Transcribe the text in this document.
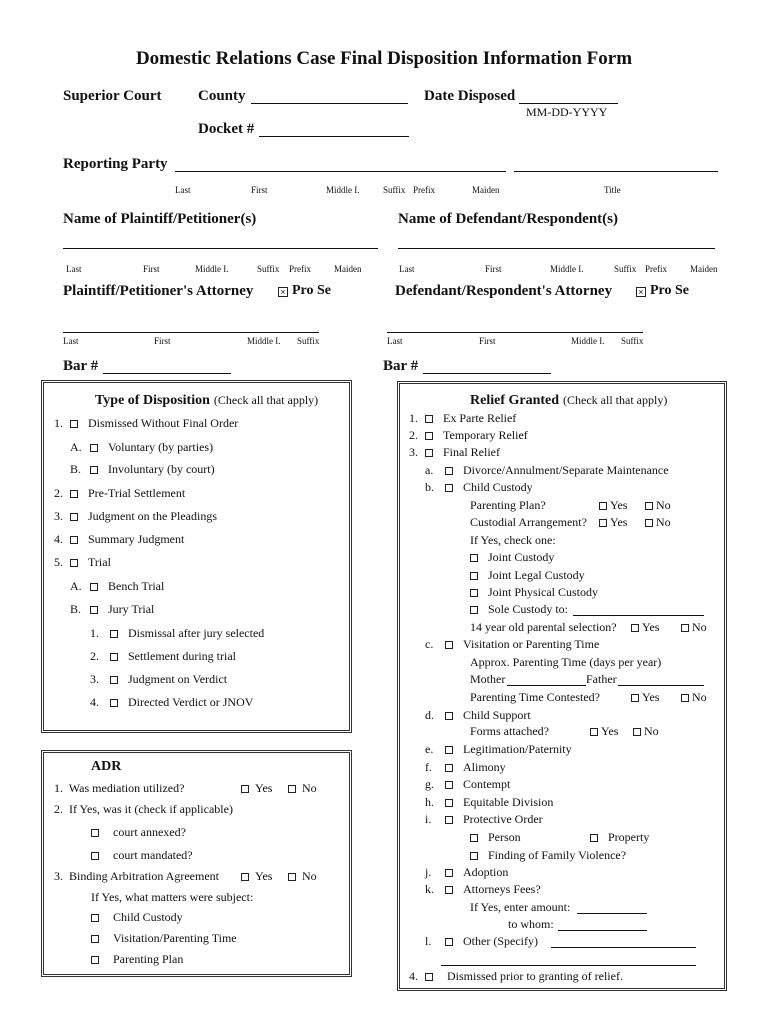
Domestic Relations Case Final Disposition Information Form
Superior Court County	Date Disposed
MM-DD-YYYY
Docket #
Reporting Party
Last	First	Middle I.	Suffix Prefix	Maiden	Title
Name of Plaintiff/Petitioner(s)	Name of Defendant/Respondent(s)
Last	First	Middle I.	Suffix Prefix	Maiden	Last	First	Middle I.	Suffix Prefix	Maiden
Plaintiff/Petitioner's Attorney	× Pro Se	Defendant/Respondent's Attorney	× Pro Se
Last	First	Middle I. Suffix	Last	First	Middle I. Suffix
Bar #	Bar #
Type of Disposition (Check all that apply)
1. Dismissed Without Final Order
A. Voluntary (by parties)
B. Involuntary (by court)
2. Pre-Trial Settlement
3. Judgment on the Pleadings
4. Summary Judgment
5. Trial
A. Bench Trial
B. Jury Trial
1. Dismissal after jury selected
2. Settlement during trial
3. Judgment on Verdict
4. Directed Verdict or JNOV
ADR
1. Was mediation utilized?	Yes	No
2. If Yes, was it (check if applicable)
court annexed?
court mandated?
3. Binding Arbitration Agreement	Yes	No
If Yes, what matters were subject:
Child Custody
Visitation/Parenting Time
Parenting Plan
Relief Granted (Check all that apply)
1. Ex Parte Relief
2. Temporary Relief
3. Final Relief
a. Divorce/Annulment/Separate Maintenance
b. Child Custody
Parenting Plan?	Yes	No
Custodial Arrangement?	Yes	No
If Yes, check one:
Joint Custody
Joint Legal Custody
Joint Physical Custody
Sole Custody to:
14 year old parental selection?	Yes	No
c. Visitation or Parenting Time
Approx. Parenting Time (days per year)
Mother	Father
Parenting Time Contested?	Yes	No
d. Child Support
Forms attached?	Yes	No
e. Legitimation/Paternity
f.	Alimony
g. Contempt
h. Equitable Division
i.	Protective Order
Person	Property
Finding of Family Violence?
j.	Adoption
k. Attorneys Fees?
If Yes, enter amount:
to whom:
l.	Other (Specify)
4. Dismissed prior to granting of relief.
